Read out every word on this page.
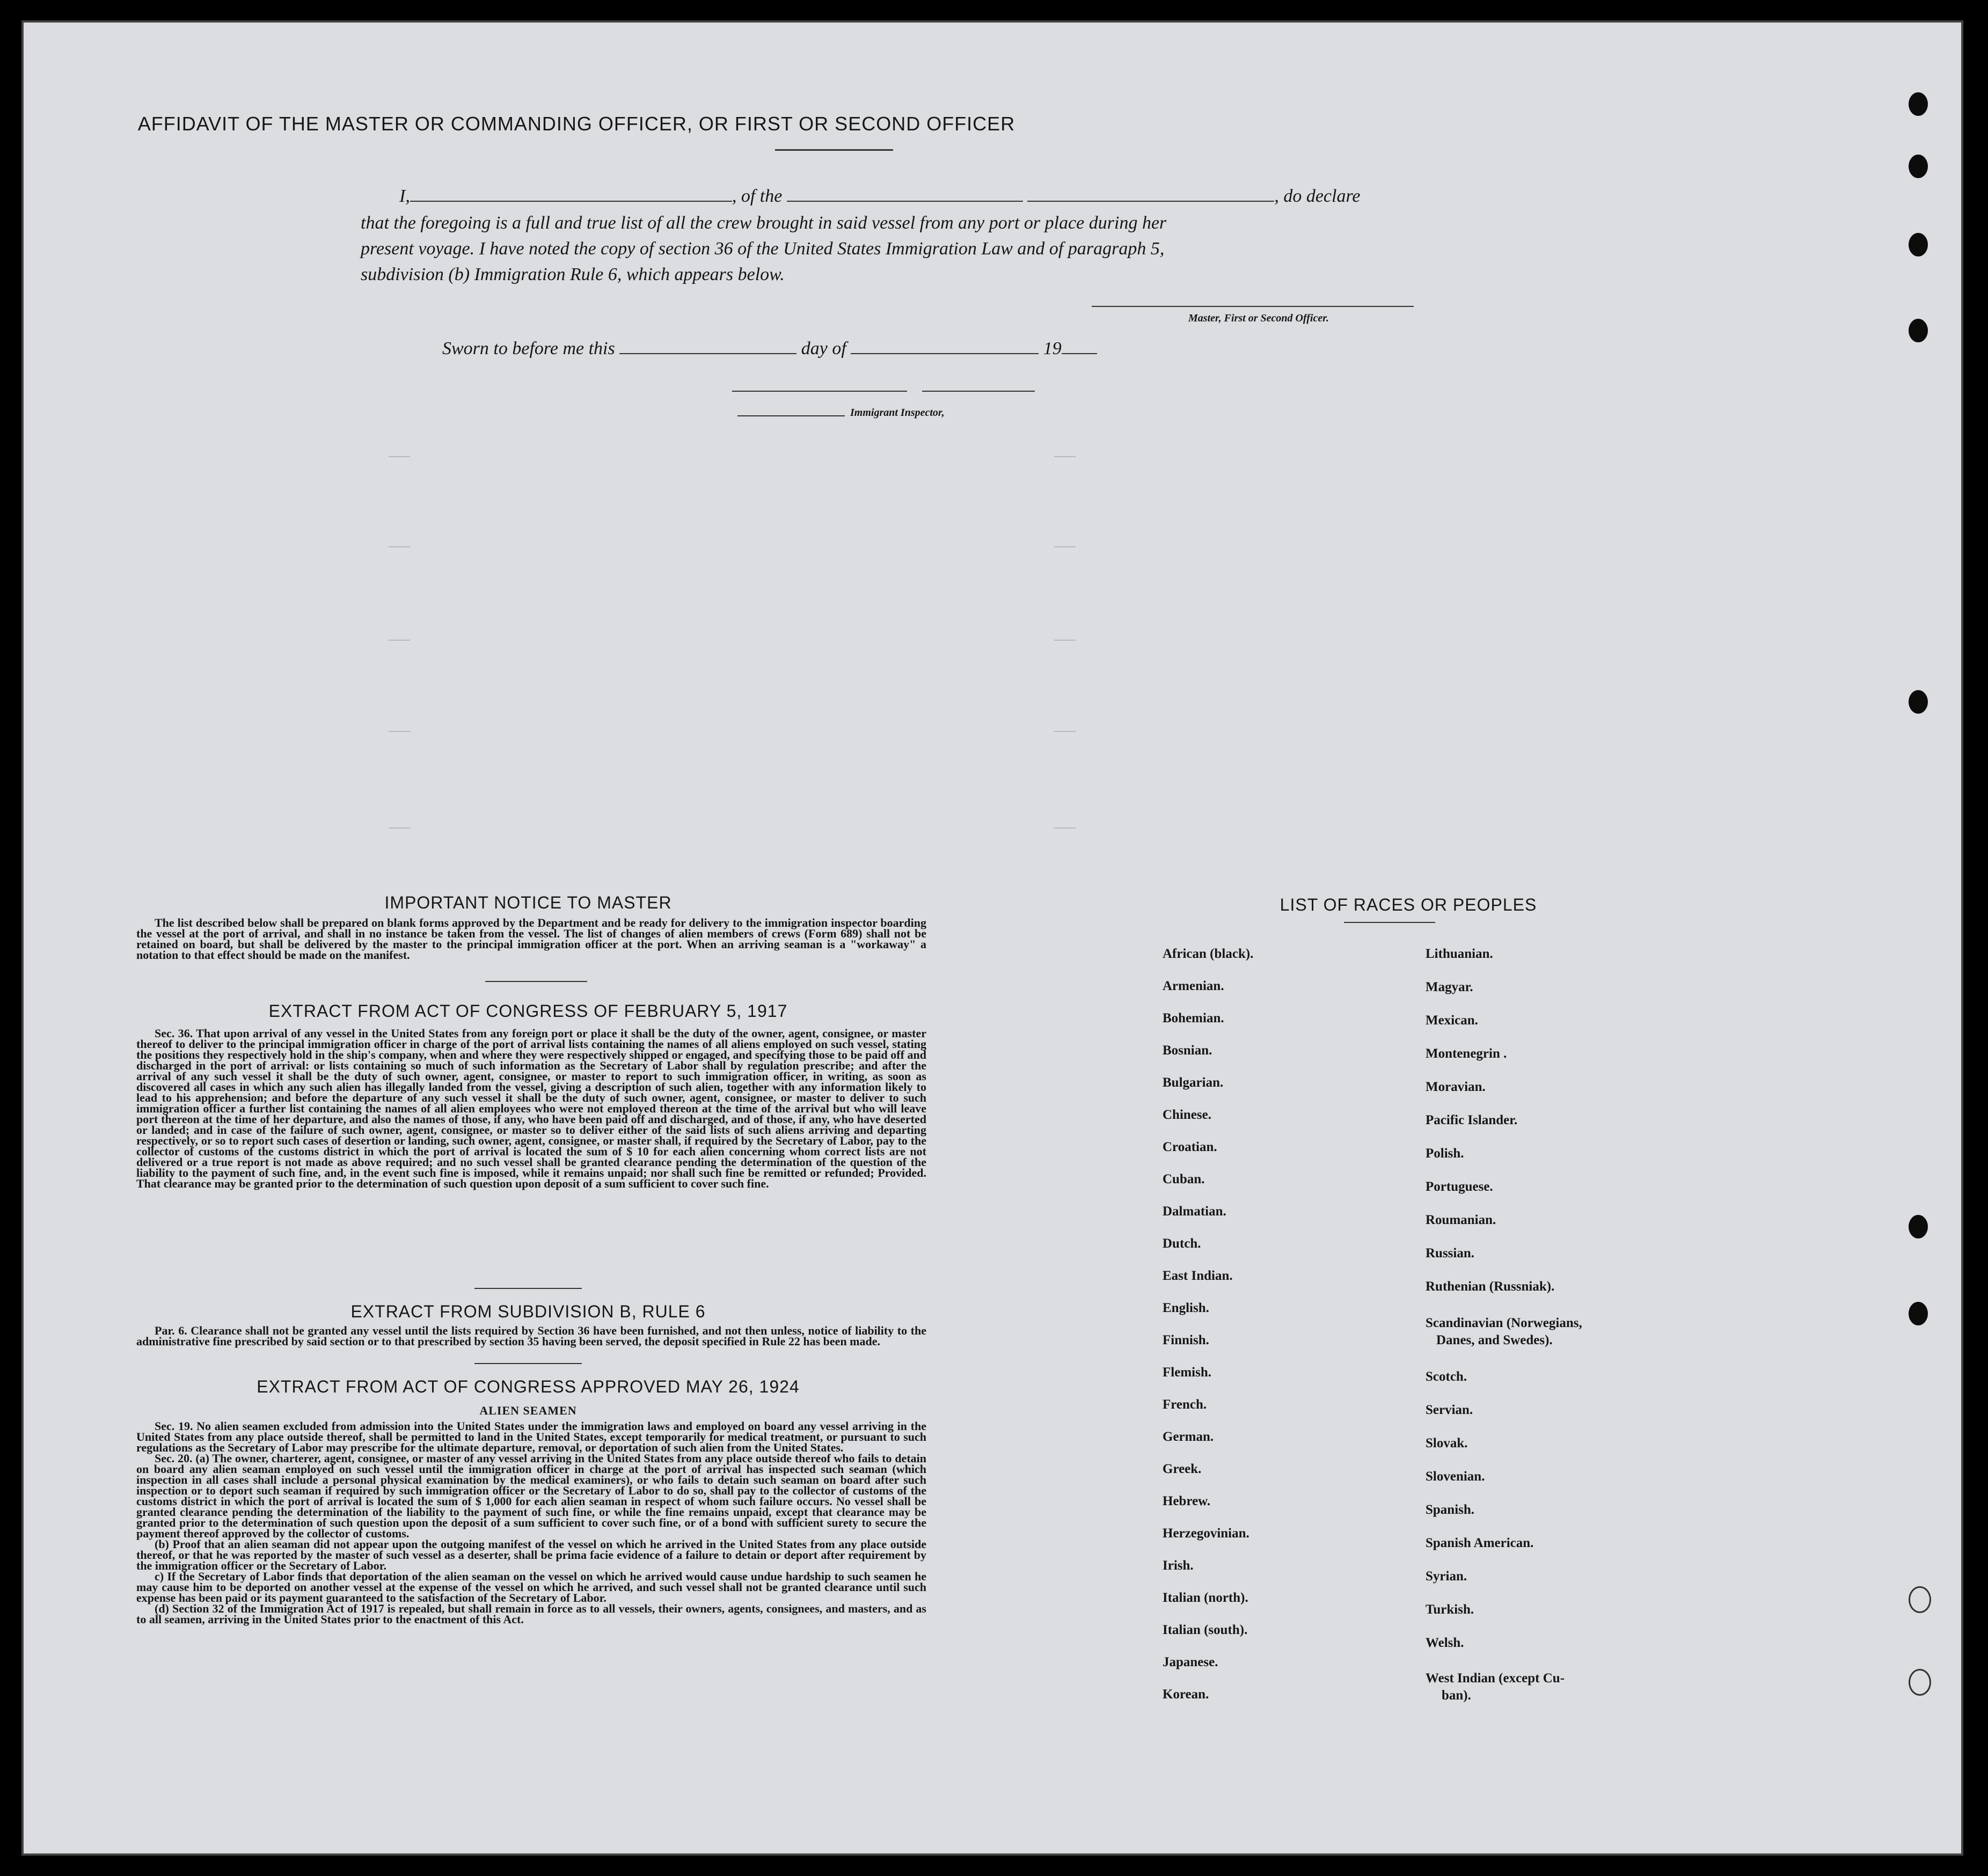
AFFIDAVIT OF THE MASTER OR COMMANDING OFFICER, OR FIRST OR SECOND OFFICER
I,	, of the	, do declare
that the foregoing is a full and true list of all the crew brought in said vessel from any port or place during her
present voyage. I have noted the copy of section 36 of the United States Immigration Law and of paragraph 5,
subdivision (b) Immigration Rule 6, which appears below.
Master, First or Second Officer.
Sworn to before me this	day of	19
Immigrant Inspector,
IMPORTANT NOTICE TO MASTER

The list described below shall be prepared on blank forms approved by the Department and be ready for delivery to the immigration inspector boarding the vessel at the port of arrival, and shall in no instance be taken from the vessel. The list of changes of alien members of crews (Form 689) shall not be retained on board, but shall be delivered by the master to the principal immigration officer at the port. When an arriving seaman is a "workaway" a notation to that effect should be made on the manifest.

EXTRACT FROM ACT OF CONGRESS OF FEBRUARY 5, 1917

Sec. 36. That upon arrival of any vessel in the United States from any foreign port or place it shall be the duty of the owner, agent, consignee, or master thereof to deliver to the principal immigration officer in charge of the port of arrival lists containing the names of all aliens employed on such vessel, stating the positions they respectively hold in the ship's company, when and where they were respectively shipped or engaged, and specifying those to be paid off and discharged in the port of arrival: or lists containing so much of such information as the Secretary of Labor shall by regulation prescribe; and after the arrival of any such vessel it shall be the duty of such owner, agent, consignee, or master to report to such immigration officer, in writing, as soon as discovered all cases in which any such alien has illegally landed from the vessel, giving a description of such alien, together with any information likely to lead to his apprehension; and before the departure of any such vessel it shall be the duty of such owner, agent, consignee, or master to deliver to such immigration officer a further list containing the names of all alien employees who were not employed thereon at the time of the arrival but who will leave port thereon at the time of her departure, and also the names of those, if any, who have been paid off and discharged, and of those, if any, who have deserted or landed; and in case of the failure of such owner, agent, consignee, or master so to deliver either of the said lists of such aliens arriving and departing respectively, or so to report such cases of desertion or landing, such owner, agent, consignee, or master shall, if required by the Secretary of Labor, pay to the collector of customs of the customs district in which the port of arrival is located the sum of $ 10 for each alien concerning whom correct lists are not delivered or a true report is not made as above required; and no such vessel shall be granted clearance pending the determination of the question of the liability to the payment of such fine, and, in the event such fine is imposed, while it remains unpaid; nor shall such fine be remitted or refunded; Provided. That clearance may be granted prior to the determination of such question upon deposit of a sum sufficient to cover such fine.

EXTRACT FROM SUBDIVISION B, RULE 6

Par. 6. Clearance shall not be granted any vessel until the lists required by Section 36 have been furnished, and not then unless, notice of liability to the administrative fine prescribed by said section or to that prescribed by section 35 having been served, the deposit specified in Rule 22 has been made.

EXTRACT FROM ACT OF CONGRESS APPROVED MAY 26, 1924
ALIEN SEAMEN

Sec. 19. No alien seamen excluded from admission into the United States under the immigration laws and employed on board any vessel arriving in the United States from any place outside thereof, shall be permitted to land in the United States, except temporarily for medical treatment, or pursuant to such regulations as the Secretary of Labor may prescribe for the ultimate departure, removal, or deportation of such alien from the United States.

Sec. 20. (a) The owner, charterer, agent, consignee, or master of any vessel arriving in the United States from any place outside thereof who fails to detain on board any alien seaman employed on such vessel until the immigration officer in charge at the port of arrival has inspected such seaman (which inspection in all cases shall include a personal physical examination by the medical examiners), or who fails to detain such seaman on board after such inspection or to deport such seaman if required by such immigration officer or the Secretary of Labor to do so, shall pay to the collector of customs of the customs district in which the port of arrival is located the sum of $ 1,000 for each alien seaman in respect of whom such failure occurs. No vessel shall be granted clearance pending the determination of the liability to the payment of such fine, or while the fine remains unpaid, except that clearance may be granted prior to the determination of such question upon the deposit of a sum sufficient to cover such fine, or of a bond with sufficient surety to secure the payment thereof approved by the collector of customs.

(b) Proof that an alien seaman did not appear upon the outgoing manifest of the vessel on which he arrived in the United States from any place outside thereof, or that he was reported by the master of such vessel as a deserter, shall be prima facie evidence of a failure to detain or deport after requirement by the immigration officer or the Secretary of Labor.

c) If the Secretary of Labor finds that deportation of the alien seaman on the vessel on which he arrived would cause undue hardship to such seamen he may cause him to be deported on another vessel at the expense of the vessel on which he arrived, and such vessel shall not be granted clearance until such expense has been paid or its payment guaranteed to the satisfaction of the Secretary of Labor.

(d) Section 32 of the Immigration Act of 1917 is repealed, but shall remain in force as to all vessels, their owners, agents, consignees, and masters, and as to all seamen, arriving in the United States prior to the enactment of this Act.

LIST OF RACES OR PEOPLES
African (black).
Armenian.
Bohemian.
Bosnian.
Bulgarian.
Chinese.
Croatian.
Cuban.
Dalmatian.
Dutch.
East Indian.
English.
Finnish.
Flemish.
French.
German.
Greek.
Hebrew.
Herzegovinian.
Irish.
Italian (north).
Italian (south).
Japanese.
Korean.
Lithuanian.
Magyar.
Mexican.
Montenegrin .
Moravian.
Pacific Islander.
Polish.
Portuguese.
Roumanian.
Russian.
Ruthenian (Russniak).
Scandinavian (Norwegians,
Danes, and Swedes).
Scotch.
Servian.
Slovak.
Slovenian.
Spanish.
Spanish American.
Syrian.
Turkish.
Welsh.
West Indian (except Cu-
ban).
